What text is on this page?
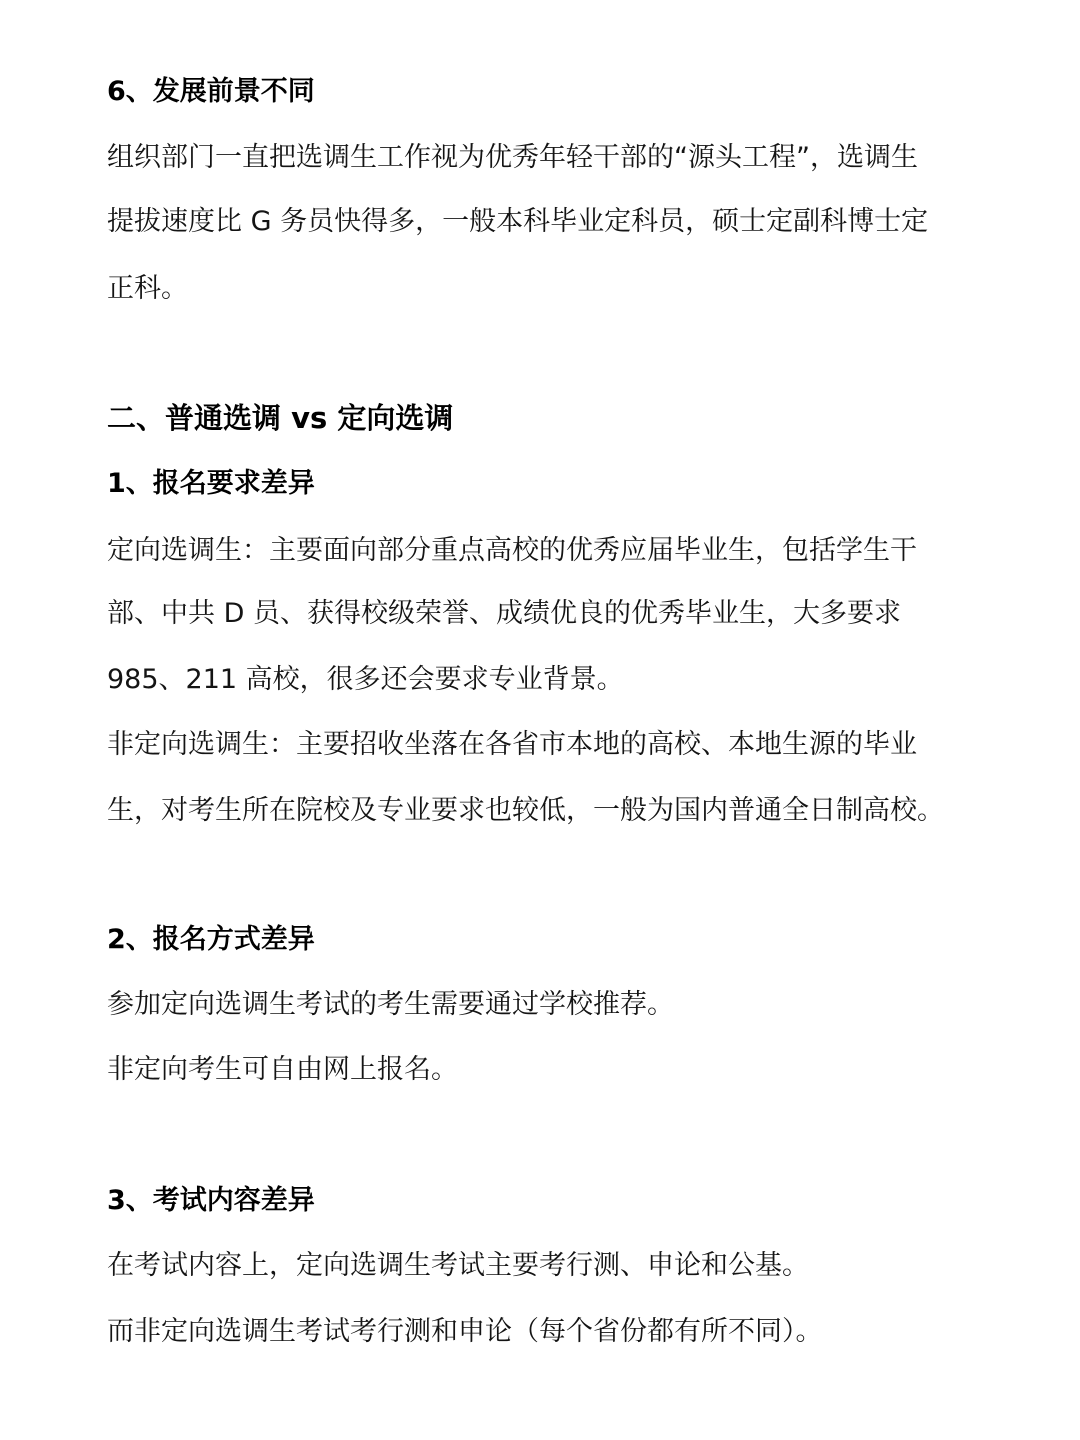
6、发展前景不同
组织部门一直把选调生工作视为优秀年轻干部的“源头工程”，选调生
提拔速度比 G 务员快得多，一般本科毕业定科员，硕士定副科博士定
正科。
二、普通选调 vs 定向选调
1、报名要求差异
定向选调生：主要面向部分重点高校的优秀应届毕业生，包括学生干
部、中共 D 员、获得校级荣誉、成绩优良的优秀毕业生，大多要求
985、211 高校，很多还会要求专业背景。
非定向选调生：主要招收坐落在各省市本地的高校、本地生源的毕业
生，对考生所在院校及专业要求也较低，一般为国内普通全日制高校。
2、报名方式差异
参加定向选调生考试的考生需要通过学校推荐。
非定向考生可自由网上报名。
3、考试内容差异
在考试内容上，定向选调生考试主要考行测、申论和公基。
而非定向选调生考试考行测和申论（每个省份都有所不同）。
